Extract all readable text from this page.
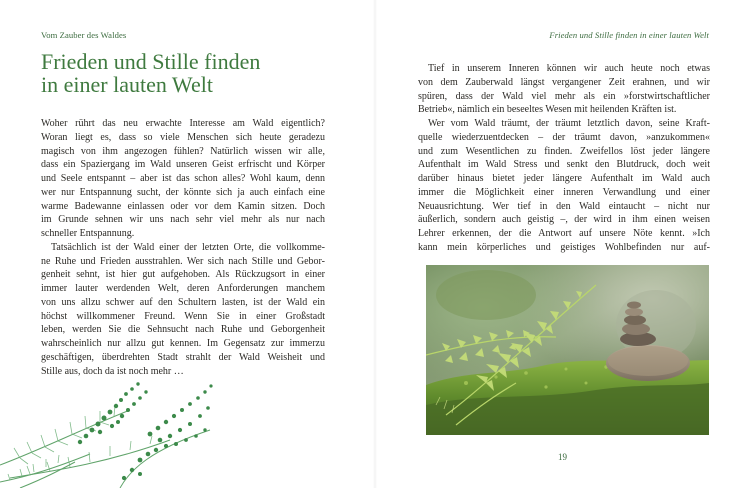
Vom Zauber des Waldes
Frieden und Stille finden
in einer lauten Welt

Woher rührt das neu erwachte Interesse am Wald eigentlich?
Woran liegt es, dass so viele Menschen sich heute geradezu
magisch von ihm angezogen fühlen? Natürlich wissen wir alle,
dass ein Spaziergang im Wald unseren Geist erfrischt und Körper
und Seele entspannt – aber ist das schon alles? Wohl kaum, denn
wer nur Entspannung sucht, der könnte sich ja auch einfach eine
warme Badewanne einlassen oder vor dem Kamin sitzen. Doch
im Grunde sehnen wir uns nach sehr viel mehr als nur nach
schneller Entspannung.

Tatsächlich ist der Wald einer der letzten Orte, die vollkomme-
ne Ruhe und Frieden ausstrahlen. Wer sich nach Stille und Gebor-
genheit sehnt, ist hier gut aufgehoben. Als Rückzugsort in einer
immer lauter werdenden Welt, deren Anforderungen manchem
von uns allzu schwer auf den Schultern lasten, ist der Wald ein
höchst willkommener Freund. Wenn Sie in einer Großstadt
leben, werden Sie die Sehnsucht nach Ruhe und Geborgenheit
wahrscheinlich nur allzu gut kennen. Im Gegensatz zur immerzu
geschäftigen, überdrehten Stadt strahlt der Wald Weisheit und
Stille aus, doch da ist noch mehr …

Frieden und Stille finden in einer lauten Welt

Tief in unserem Inneren können wir auch heute noch etwas
von dem Zauberwald längst vergangener Zeit erahnen, und wir
spüren, dass der Wald viel mehr als ein »forstwirtschaftlicher
Betrieb«, nämlich ein beseeltes Wesen mit heilenden Kräften ist.

Wer vom Wald träumt, der träumt letztlich davon, seine Kraft-
quelle wiederzuentdecken – der träumt davon, »anzukommen«
und zum Wesentlichen zu finden. Zweifellos löst jeder längere
Aufenthalt im Wald Stress und senkt den Blutdruck, doch weit
darüber hinaus bietet jeder längere Aufenthalt im Wald auch
immer die Möglichkeit einer inneren Verwandlung und einer
Neuausrichtung. Wer tief in den Wald eintaucht – nicht nur
äußerlich, sondern auch geistig –, der wird in ihm einen weisen
Lehrer erkennen, der die Antwort auf unsere Nöte kennt. »Ich
kann mein körperliches und geistiges Wohlbefinden nur auf-

19
